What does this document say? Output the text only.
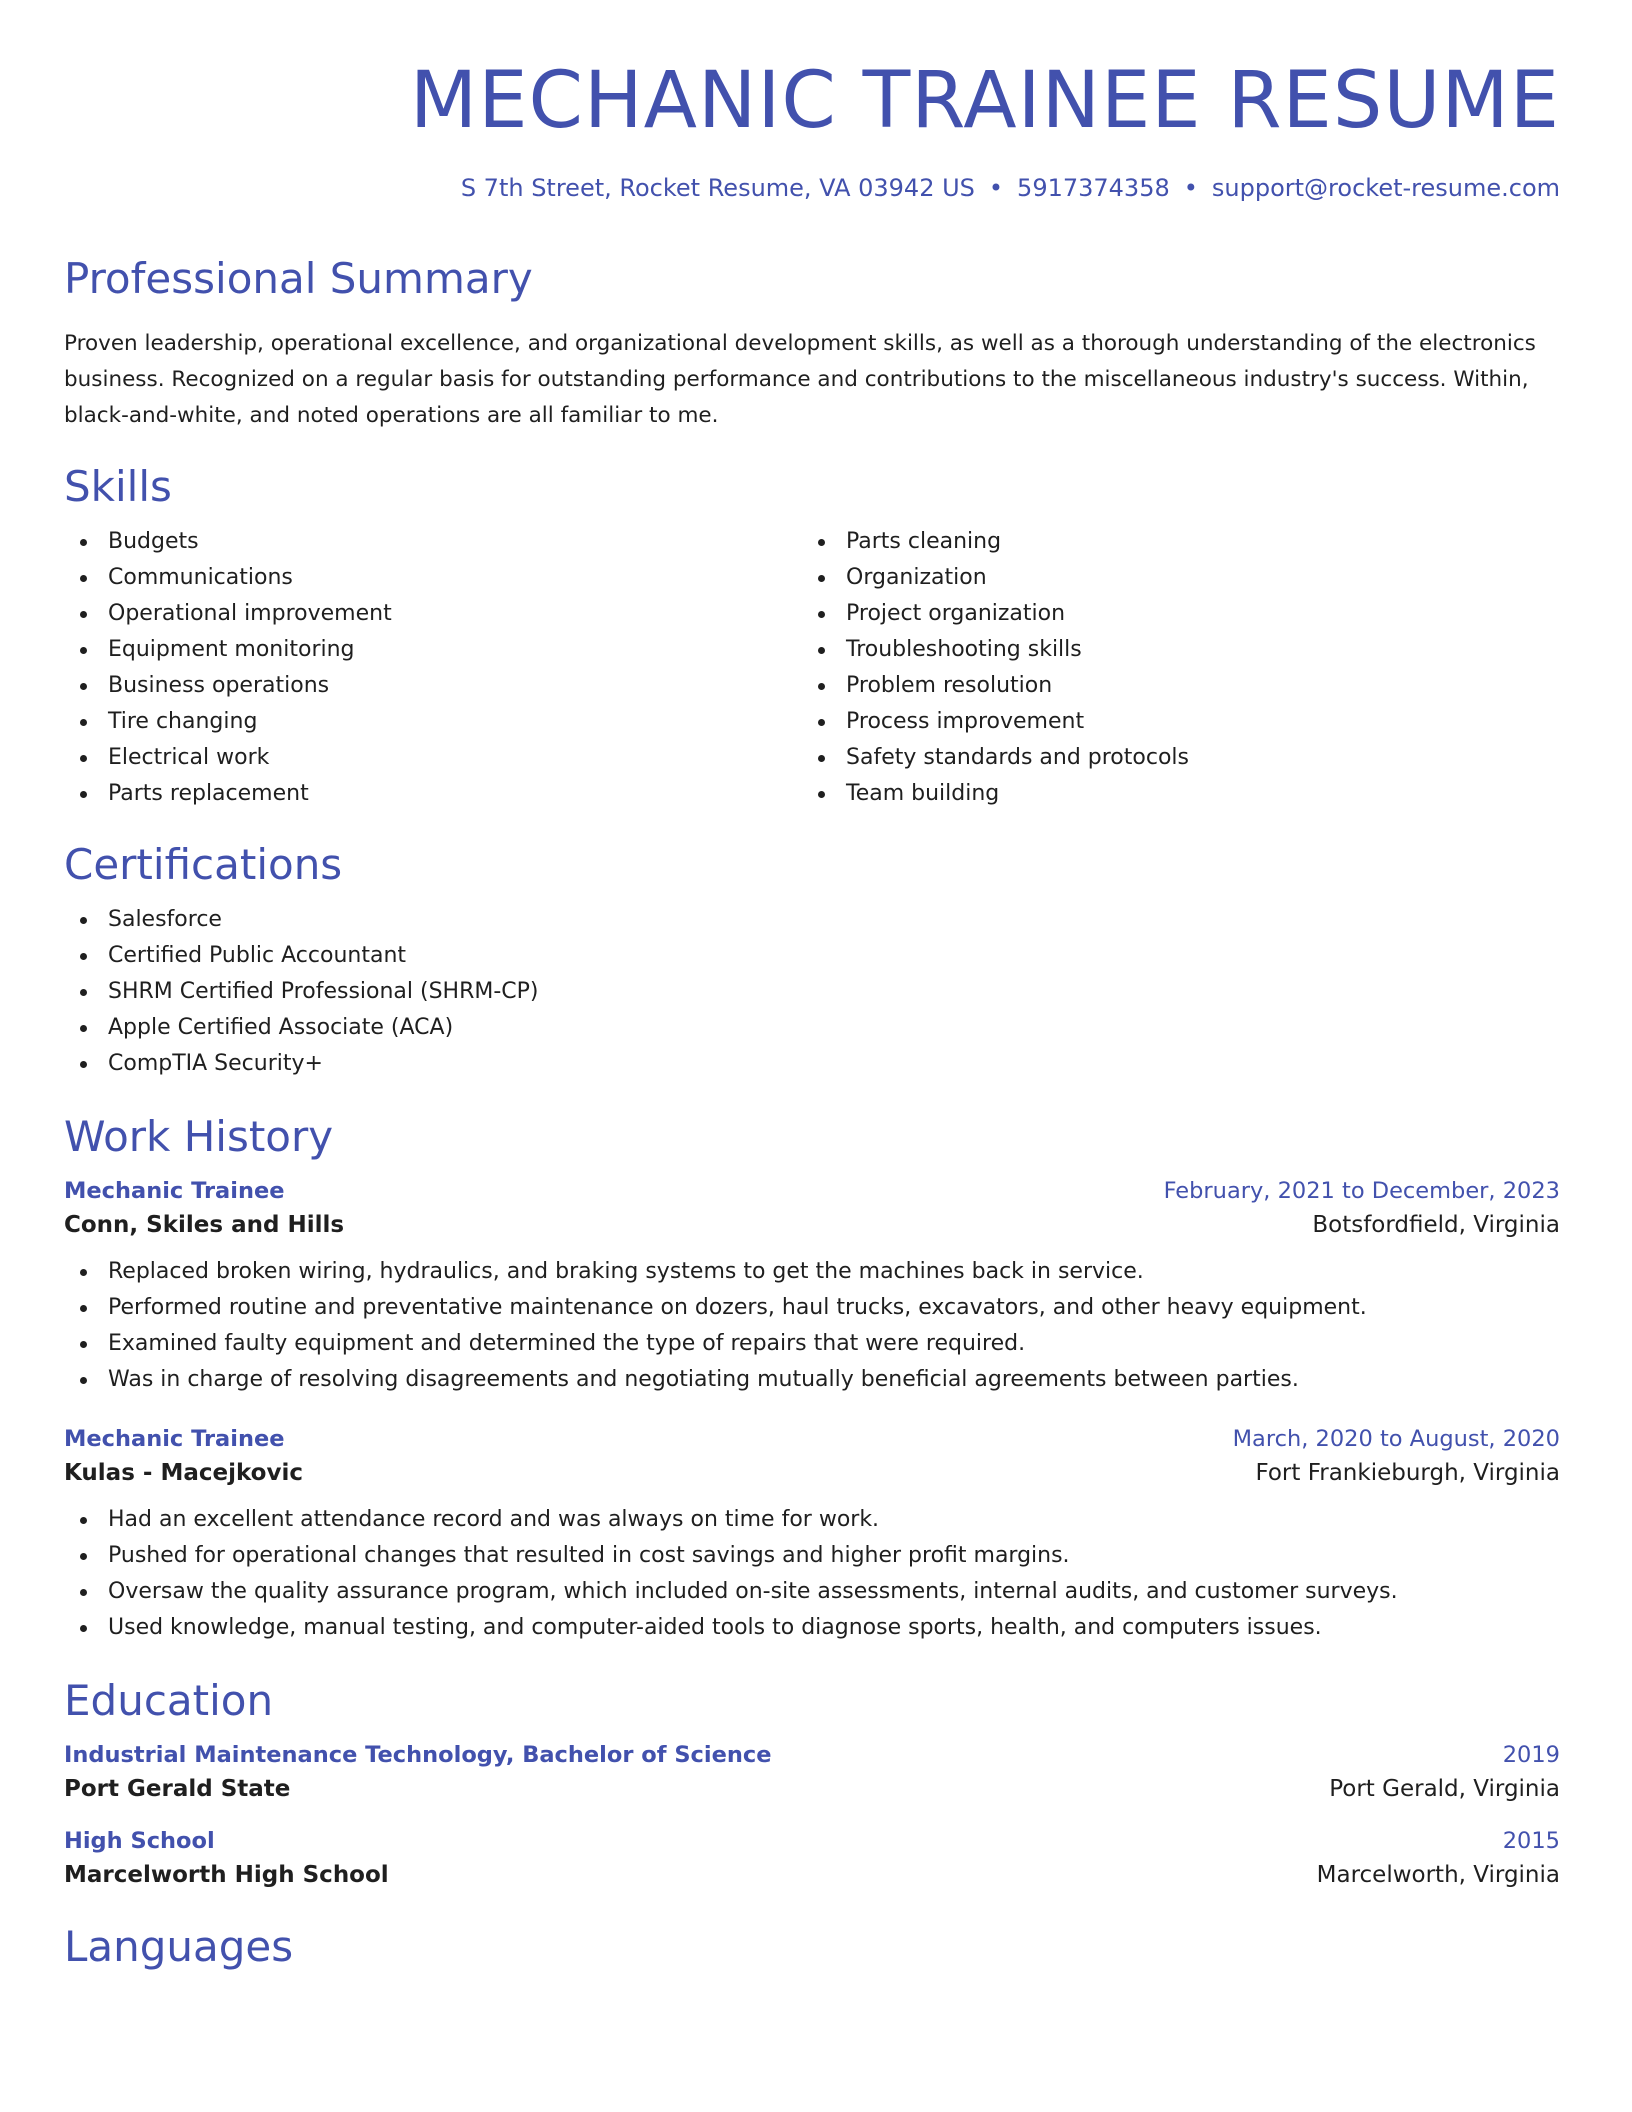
MECHANIC TRAINEE RESUME
S 7th Street, Rocket Resume, VA 03942 US • 5917374358 • support@rocket-resume.com
Professional Summary

Proven leadership, operational excellence, and organizational development skills, as well as a thorough understanding of the electronics business. Recognized on a regular basis for outstanding performance and contributions to the miscellaneous industry's success. Within, black-and-white, and noted operations are all familiar to me.

Skills
Budgets
Communications
Operational improvement
Equipment monitoring
Business operations
Tire changing
Electrical work
Parts replacement
Parts cleaning
Organization
Project organization
Troubleshooting skills
Problem resolution
Process improvement
Safety standards and protocols
Team building
Certifications
Salesforce
Certified Public Accountant
SHRM Certified Professional (SHRM-CP)
Apple Certified Associate (ACA)
CompTIA Security+
Work History
Mechanic Trainee	February, 2021 to December, 2023
Conn, Skiles and Hills	Botsfordfield, Virginia
Replaced broken wiring, hydraulics, and braking systems to get the machines back in service.
Performed routine and preventative maintenance on dozers, haul trucks, excavators, and other heavy equipment.
Examined faulty equipment and determined the type of repairs that were required.
Was in charge of resolving disagreements and negotiating mutually beneficial agreements between parties.
Mechanic Trainee	March, 2020 to August, 2020
Kulas - Macejkovic	Fort Frankieburgh, Virginia
Had an excellent attendance record and was always on time for work.
Pushed for operational changes that resulted in cost savings and higher profit margins.
Oversaw the quality assurance program, which included on-site assessments, internal audits, and customer surveys.
Used knowledge, manual testing, and computer-aided tools to diagnose sports, health, and computers issues.
Education
Industrial Maintenance Technology, Bachelor of Science	2019
Port Gerald State	Port Gerald, Virginia
High School	2015
Marcelworth High School	Marcelworth, Virginia
Languages
